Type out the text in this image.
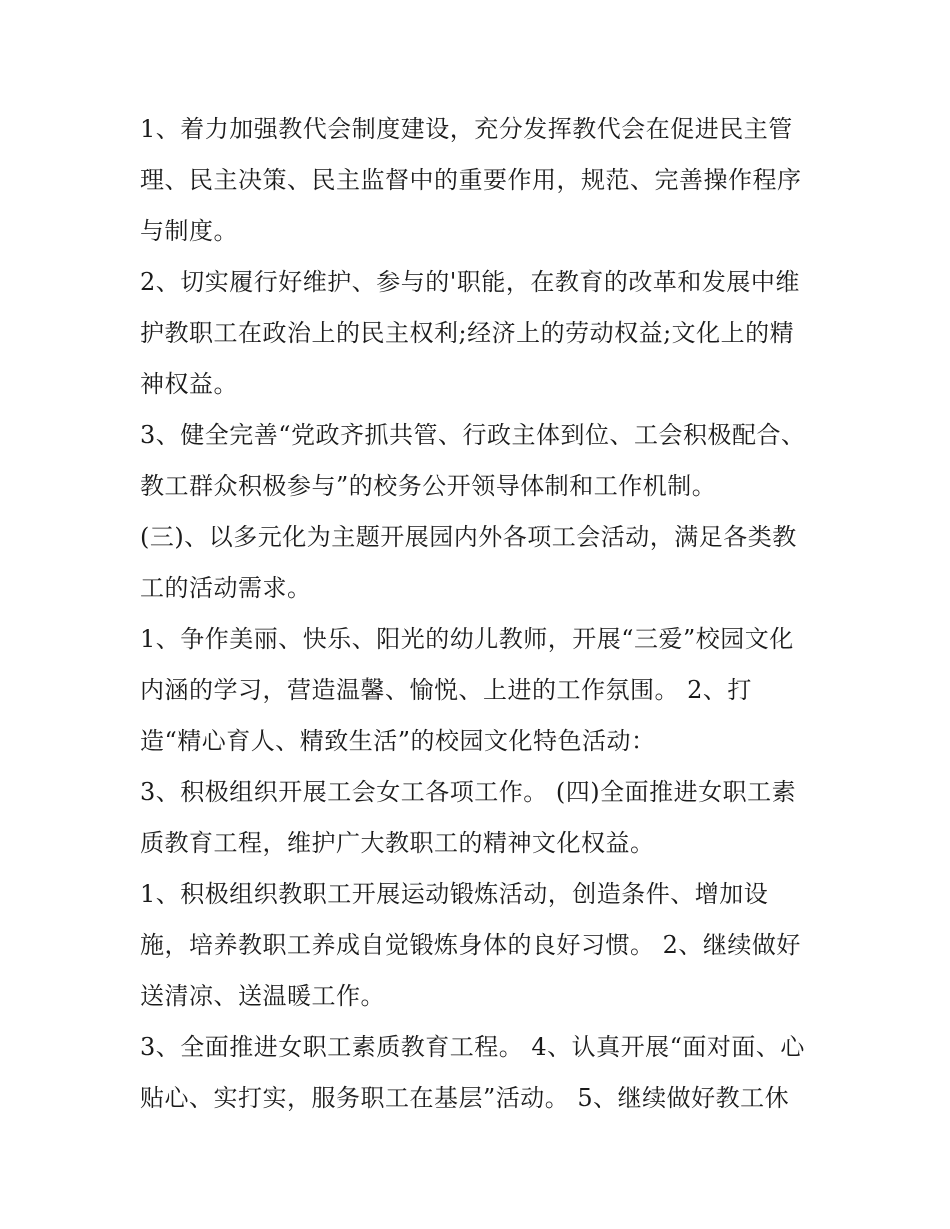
1、着力加强教代会制度建设，充分发挥教代会在促进民主管
理、民主决策、民主监督中的重要作用，规范、完善操作程序
与制度。

2、切实履行好维护、参与的'职能，在教育的改革和发展中维
护教职工在政治上的民主权利;经济上的劳动权益;文化上的精
神权益。

3、健全完善“党政齐抓共管、行政主体到位、工会积极配合、
教工群众积极参与”的校务公开领导体制和工作机制。

(三)、以多元化为主题开展园内外各项工会活动，满足各类教
工的活动需求。

1、争作美丽、快乐、阳光的幼儿教师，开展“三爱”校园文化
内涵的学习，营造温馨、愉悦、上进的工作氛围。 2、打
造“精心育人、精致生活”的校园文化特色活动：

3、积极组织开展工会女工各项工作。 (四)全面推进女职工素
质教育工程，维护广大教职工的精神文化权益。

1、积极组织教职工开展运动锻炼活动，创造条件、增加设
施，培养教职工养成自觉锻炼身体的良好习惯。 2、继续做好
送清凉、送温暖工作。

3、全面推进女职工素质教育工程。 4、认真开展“面对面、心
贴心、实打实，服务职工在基层”活动。 5、继续做好教工休
